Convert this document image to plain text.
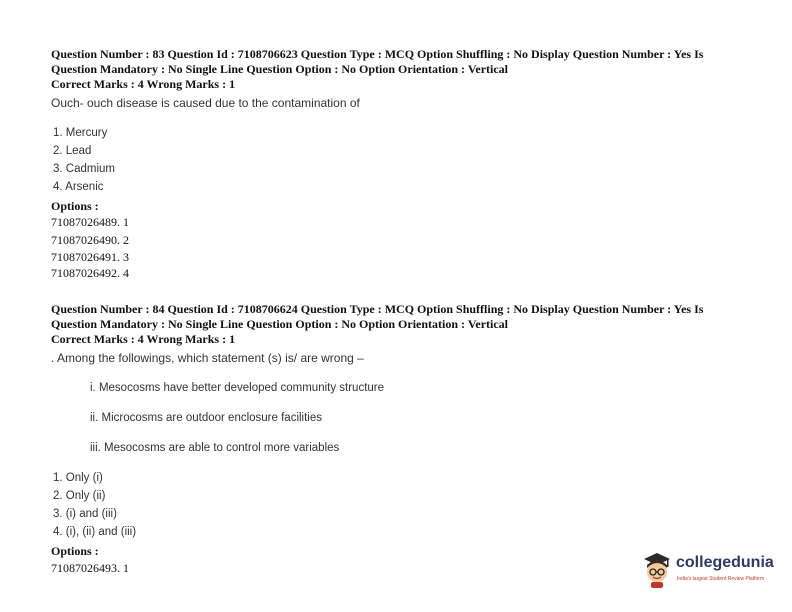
Question Number : 83 Question Id : 7108706623 Question Type : MCQ Option Shuffling : No Display Question Number : Yes Is
Question Mandatory : No Single Line Question Option : No Option Orientation : Vertical
Correct Marks : 4 Wrong Marks : 1
Ouch- ouch disease is caused due to the contamination of
1. Mercury
2. Lead
3. Cadmium
4. Arsenic
Options :
71087026489. 1
71087026490. 2
71087026491. 3
71087026492. 4
Question Number : 84 Question Id : 7108706624 Question Type : MCQ Option Shuffling : No Display Question Number : Yes Is
Question Mandatory : No Single Line Question Option : No Option Orientation : Vertical
Correct Marks : 4 Wrong Marks : 1
. Among the followings, which statement (s) is/ are wrong –
i. Mesocosms have better developed community structure
ii. Microcosms are outdoor enclosure facilities
iii. Mesocosms are able to control more variables
1. Only (i)
2. Only (ii)
3. (i) and (iii)
4. (i), (ii) and (iii)
Options :
71087026493. 1	collegedunia
India's largest Student Review Platform
